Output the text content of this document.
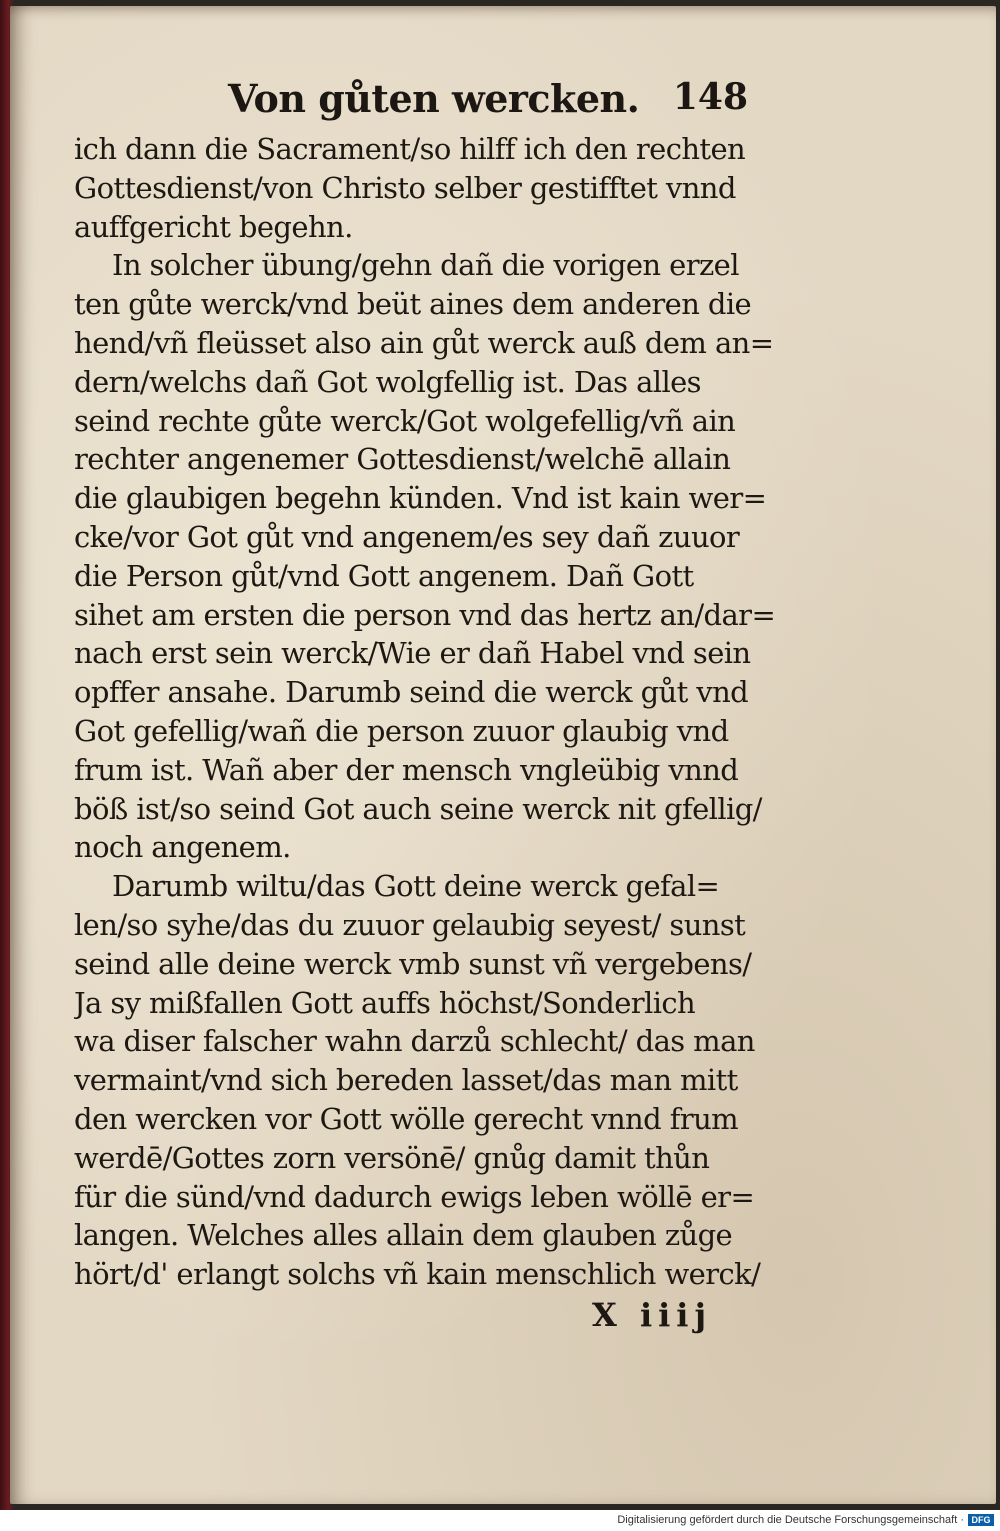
Von gůten wercken. 148
ich dann die Sacrament/so hilff ich den rechten
Gottesdienst/von Christo selber gestifftet vnnd
auffgericht begehn.
In solcher übung/gehn dañ die vorigen erzel
ten gůte werck/vnd beüt aines dem anderen die
hend/vñ fleüsset also ain gůt werck auß dem an=
dern/welchs dañ Got wolgfellig ist. Das alles
seind rechte gůte werck/Got wolgefellig/vñ ain
rechter angenemer Gottesdienst/welchē allain
die glaubigen begehn künden. Vnd ist kain wer=
cke/vor Got gůt vnd angenem/es sey dañ zuuor
die Person gůt/vnd Gott angenem. Dañ Gott
sihet am ersten die person vnd das hertz an/dar=
nach erst sein werck/Wie er dañ Habel vnd sein
opffer ansahe. Darumb seind die werck gůt vnd
Got gefellig/wañ die person zuuor glaubig vnd
frum ist. Wañ aber der mensch vngleübig vnnd
böß ist/so seind Got auch seine werck nit gfellig/
noch angenem.
Darumb wiltu/das Gott deine werck gefal=
len/so syhe/das du zuuor gelaubig seyest/ sunst
seind alle deine werck vmb sunst vñ vergebens/
Ja sy mißfallen Gott auffs höchst/Sonderlich
wa diser falscher wahn darzů schlecht/ das man
vermaint/vnd sich bereden lasset/das man mitt
den wercken vor Gott wölle gerecht vnnd frum
werdē/Gottes zorn versönē/ gnůg damit thůn
für die sünd/vnd dadurch ewigs leben wöllē er=
langen. Welches alles allain dem glauben zůge
hört/d' erlangt solchs vñ kain menschlich werck/
X iiij
Digitalisierung gefördert durch die Deutsche Forschungsgemeinschaft · DFG
